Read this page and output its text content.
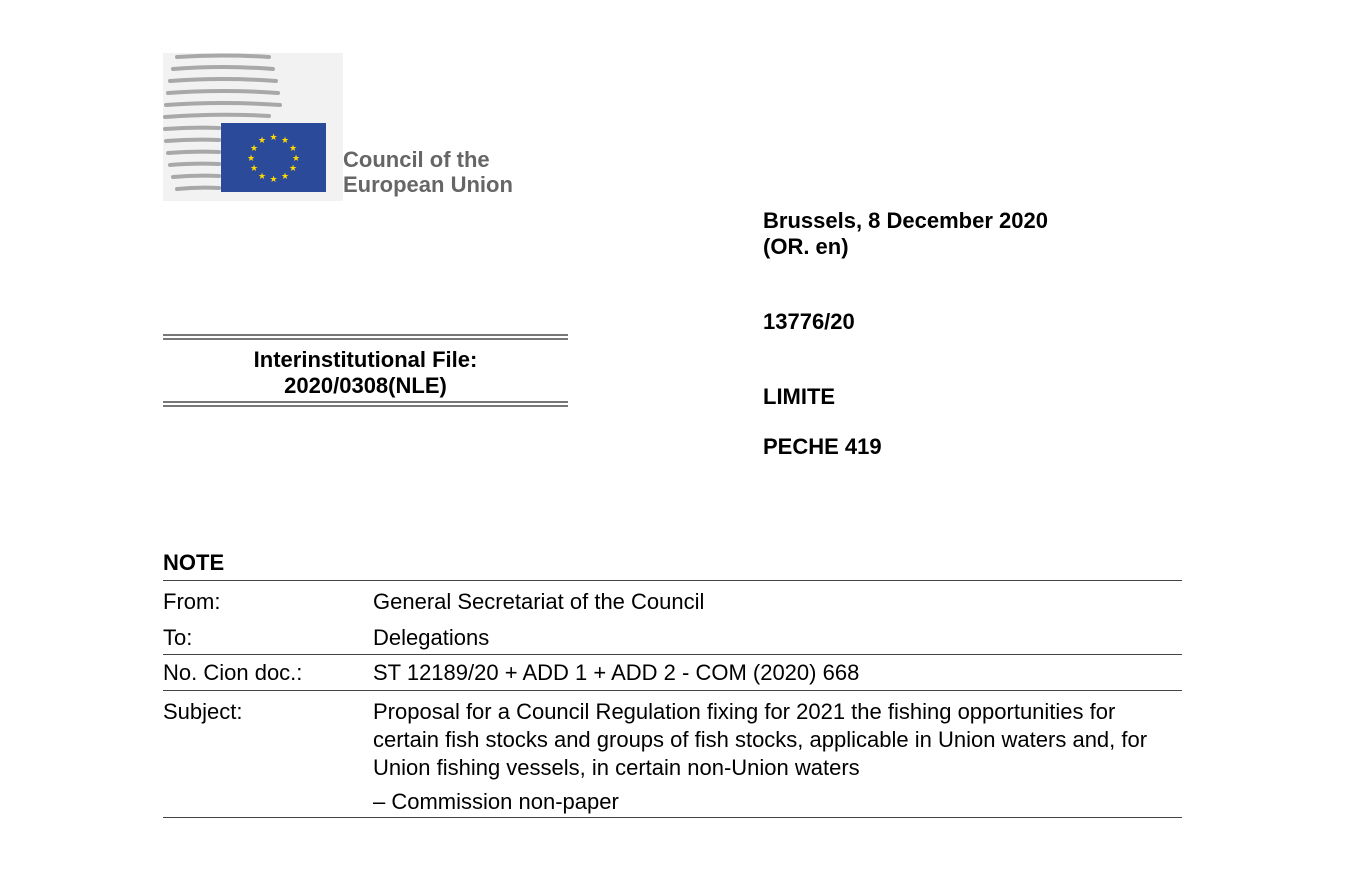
★ ★
★
★
★
★
★
★
★
★
★
★
Council of the
European Union
Brussels, 8 December 2020
(OR. en)
13776/20
LIMITE
PECHE 419
Interinstitutional File:
2020/0308(NLE)
NOTE
From:	General Secretariat of the Council
To:	Delegations
No. Cion doc.:	ST 12189/20 + ADD 1 + ADD 2 - COM (2020) 668
Subject:	Proposal for a Council Regulation fixing for 2021 the fishing opportunities for certain fish stocks and groups of fish stocks, applicable in Union waters and, for Union fishing vessels, in certain non-Union waters
– Commission non-paper
